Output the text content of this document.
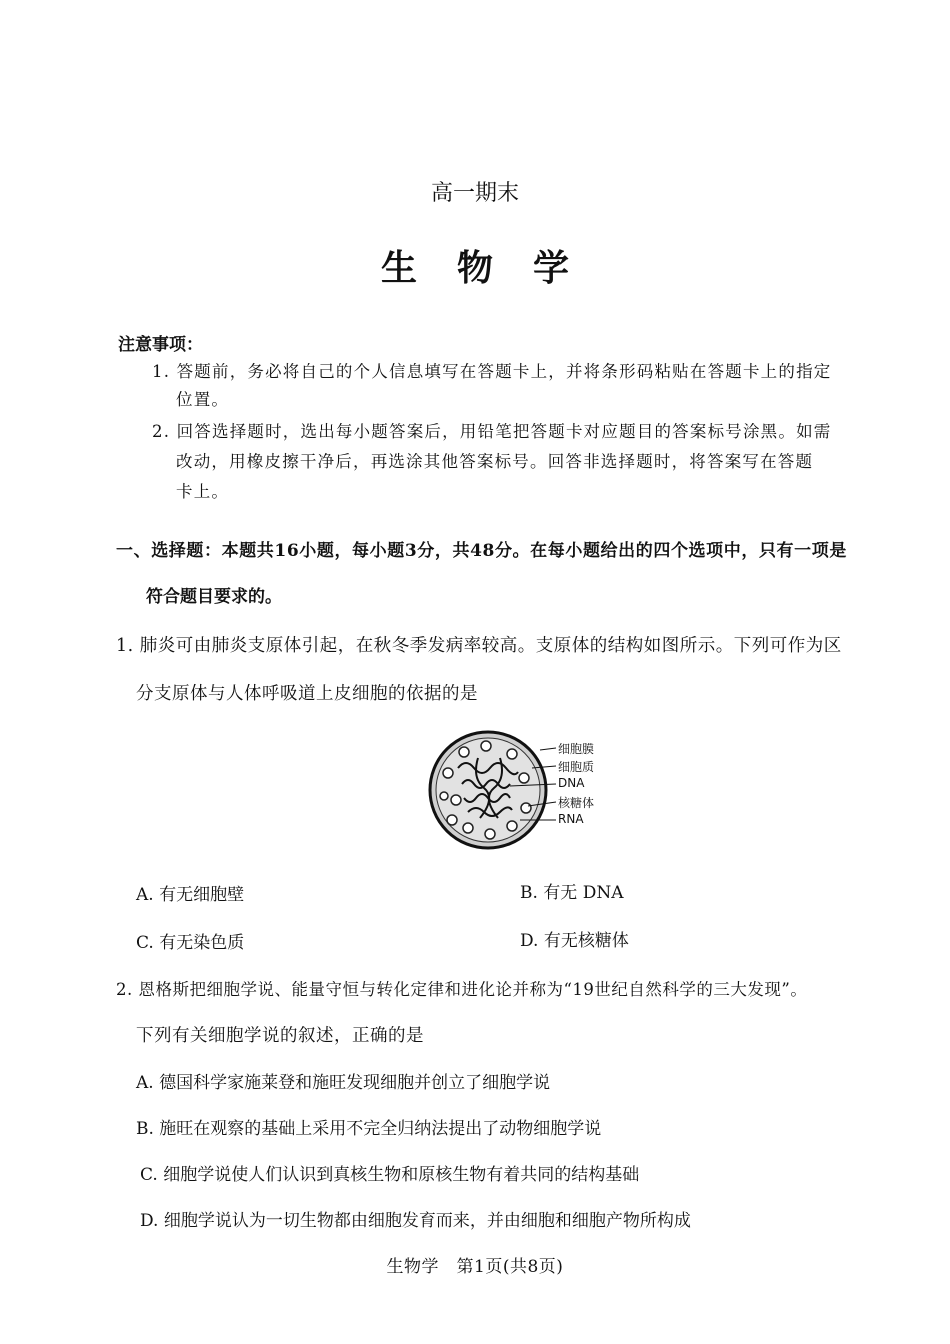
高一期末
生物学
注意事项：
1. 答题前，务必将自己的个人信息填写在答题卡上，并将条形码粘贴在答题卡上的指定
位置。
2. 回答选择题时，选出每小题答案后，用铅笔把答题卡对应题目的答案标号涂黑。如需
改动，用橡皮擦干净后，再选涂其他答案标号。回答非选择题时，将答案写在答题
卡上。
一、选择题：本题共16小题，每小题3分，共48分。在每小题给出的四个选项中，只有一项是
符合题目要求的。
1. 肺炎可由肺炎支原体引起，在秋冬季发病率较高。支原体的结构如图所示。下列可作为区
分支原体与人体呼吸道上皮细胞的依据的是
细胞膜
细胞质
DNA
核糖体
RNA
A. 有无细胞壁	B. 有无 DNA
C. 有无染色质	D. 有无核糖体
2. 恩格斯把细胞学说、能量守恒与转化定律和进化论并称为“19世纪自然科学的三大发现”。
下列有关细胞学说的叙述，正确的是
A. 德国科学家施莱登和施旺发现细胞并创立了细胞学说
B. 施旺在观察的基础上采用不完全归纳法提出了动物细胞学说
C. 细胞学说使人们认识到真核生物和原核生物有着共同的结构基础
D. 细胞学说认为一切生物都由细胞发育而来，并由细胞和细胞产物所构成
生物学　第1页(共8页)
